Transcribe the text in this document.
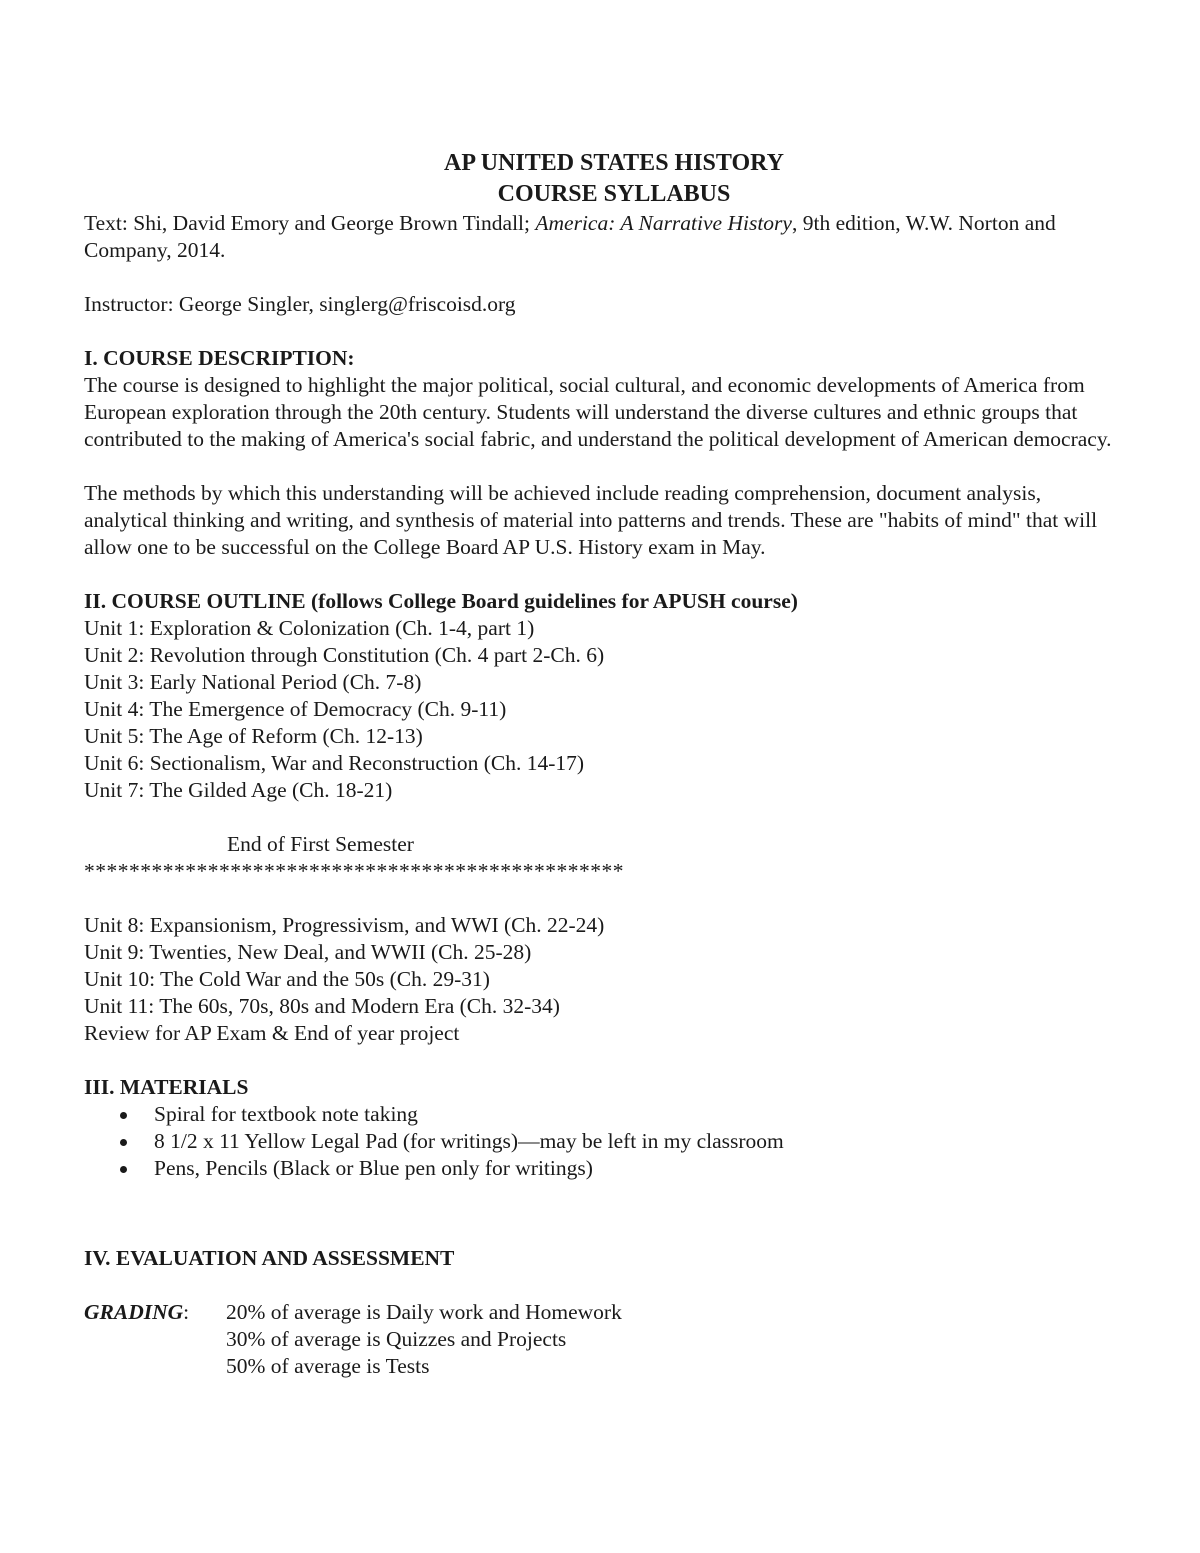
AP UNITED STATES HISTORY
COURSE SYLLABUS

Text: Shi, David Emory and George Brown Tindall; America: A Narrative History, 9th edition, W.W. Norton and Company, 2014.

Instructor: George Singler, singlerg@friscoisd.org

I. COURSE DESCRIPTION:

The course is designed to highlight the major political, social cultural, and economic developments of America from European exploration through the 20th century. Students will understand the diverse cultures and ethnic groups that contributed to the making of America's social fabric, and understand the political development of American democracy.

The methods by which this understanding will be achieved include reading comprehension, document analysis, analytical thinking and writing, and synthesis of material into patterns and trends. These are "habits of mind" that will allow one to be successful on the College Board AP U.S. History exam in May.

II. COURSE OUTLINE (follows College Board guidelines for APUSH course)

Unit 1: Exploration & Colonization (Ch. 1-4, part 1)
Unit 2: Revolution through Constitution (Ch. 4 part 2-Ch. 6)
Unit 3: Early National Period (Ch. 7-8)
Unit 4: The Emergence of Democracy (Ch. 9-11)
Unit 5: The Age of Reform (Ch. 12-13)
Unit 6: Sectionalism, War and Reconstruction (Ch. 14-17)
Unit 7: The Gilded Age (Ch. 18-21)

End of First Semester

************************************************

Unit 8: Expansionism, Progressivism, and WWI (Ch. 22-24)
Unit 9: Twenties, New Deal, and WWII (Ch. 25-28)
Unit 10: The Cold War and the 50s (Ch. 29-31)
Unit 11: The 60s, 70s, 80s and Modern Era (Ch. 32-34)
Review for AP Exam & End of year project

III. MATERIALS

Spiral for textbook note taking
8 1/2 x 11 Yellow Legal Pad (for writings)—may be left in my classroom
Pens, Pencils (Black or Blue pen only for writings)

IV. EVALUATION AND ASSESSMENT

GRADING:	20% of average is Daily work and Homework
30% of average is Quizzes and Projects
50% of average is Tests
